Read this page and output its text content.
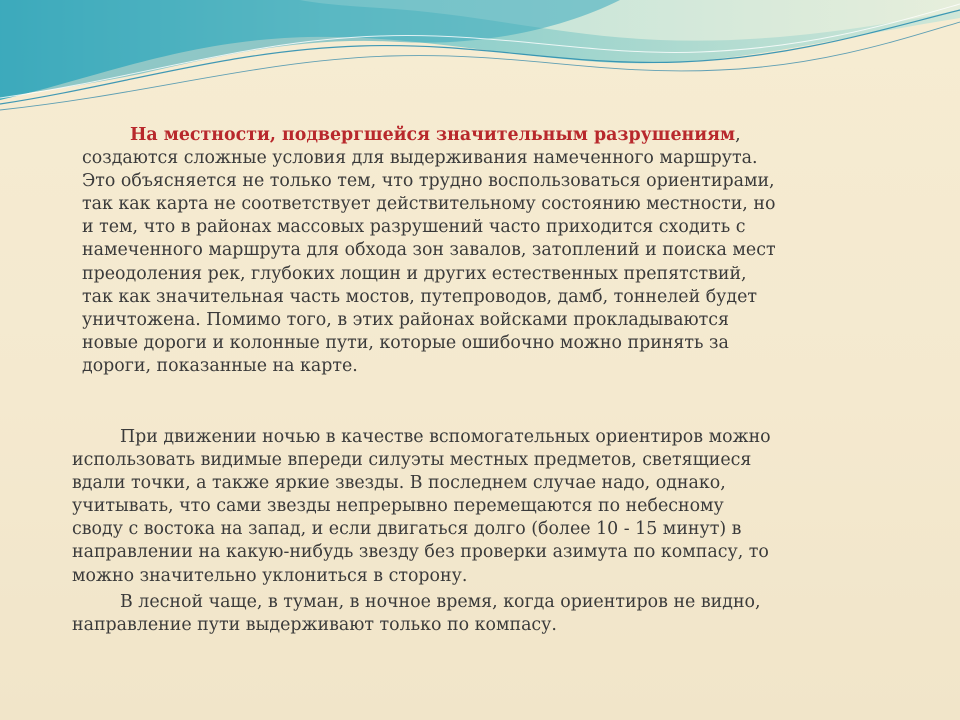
На местности, подвергшейся значительным разрушениям,
создаются сложные условия для выдерживания намеченного маршрута.
Это объясняется не только тем, что трудно воспользоваться ориентирами,
так как карта не соответствует действительному состоянию местности, но
и тем, что в районах массовых разрушений часто приходится сходить с
намеченного маршрута для обхода зон завалов, затоплений и поиска мест
преодоления рек, глубоких лощин и других естественных препятствий,
так как значительная часть мостов, путепроводов, дамб, тоннелей будет
уничтожена. Помимо того, в этих районах войсками прокладываются
новые дороги и колонные пути, которые ошибочно можно принять за
дороги, показанные на карте.
При движении ночью в качестве вспомогательных ориентиров можно
использовать видимые впереди силуэты местных предметов, светящиеся
вдали точки, а также яркие звезды. В последнем случае надо, однако,
учитывать, что сами звезды непрерывно перемещаются по небесному
своду с востока на запад, и если двигаться долго (более 10 - 15 минут) в
направлении на какую-нибудь звезду без проверки азимута по компасу, то
можно значительно уклониться в сторону.
В лесной чаще, в туман, в ночное время, когда ориентиров не видно,
направление пути выдерживают только по компасу.
